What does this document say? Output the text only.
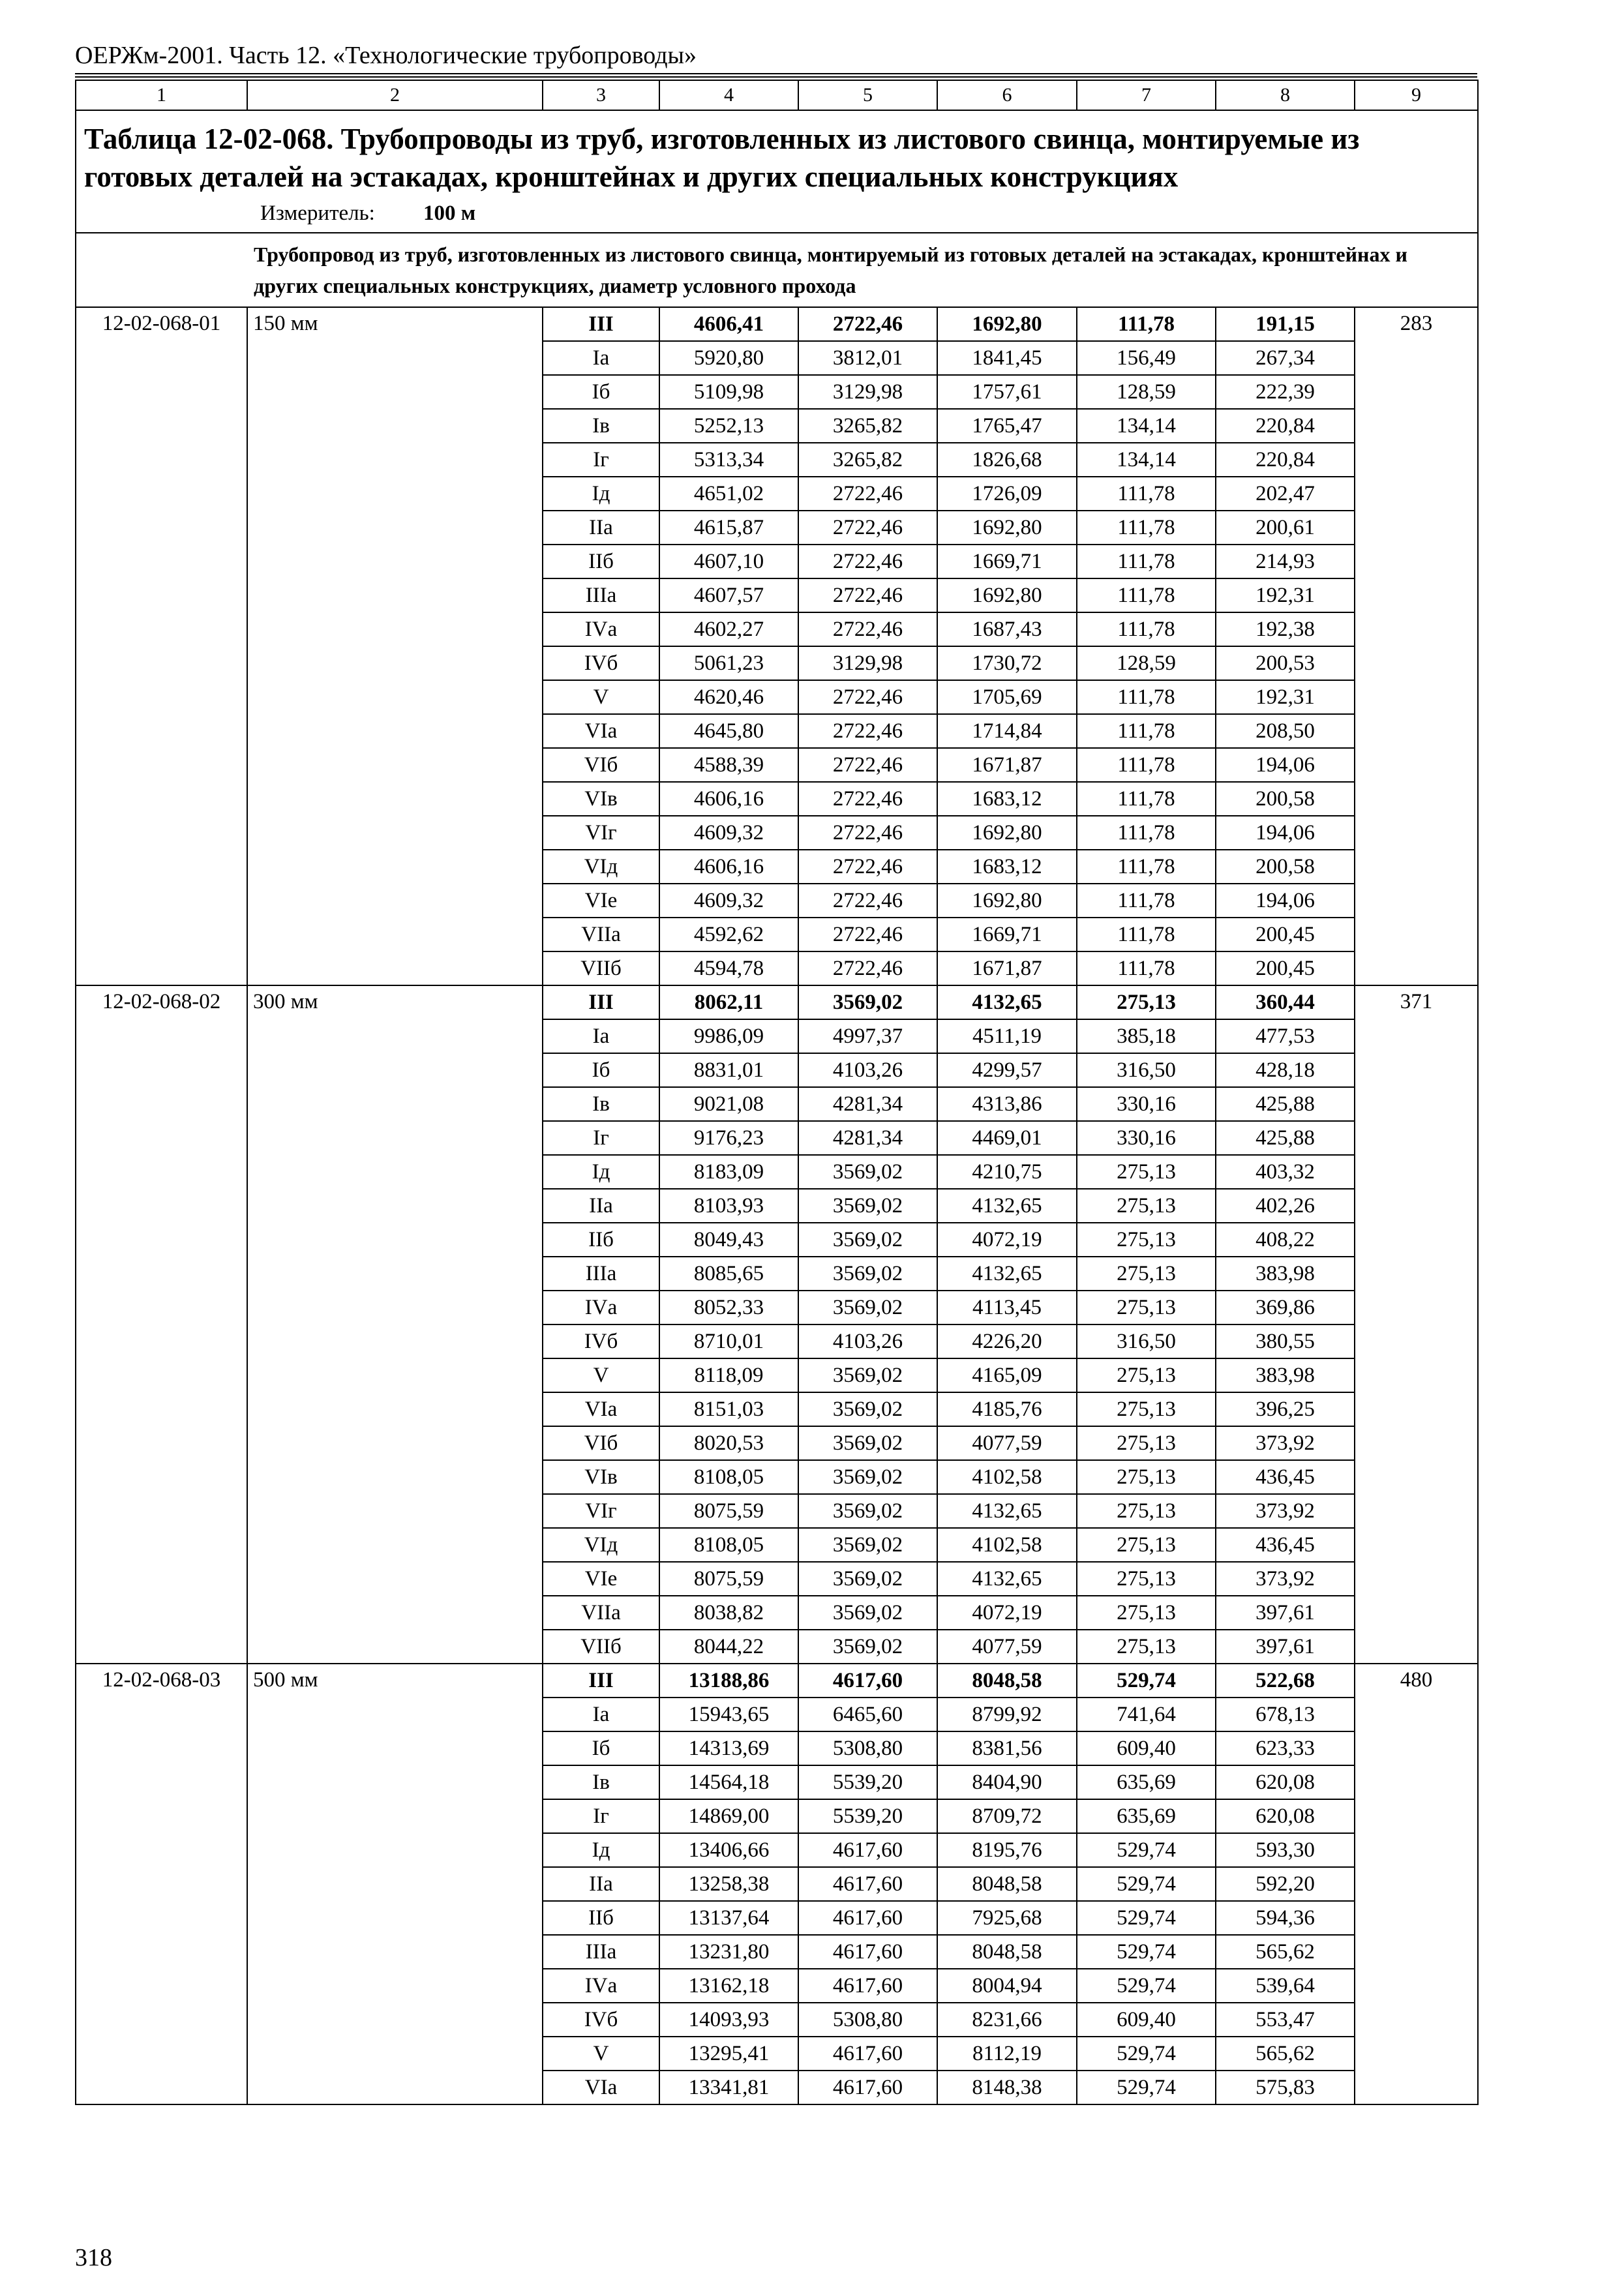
ОЕРЖм-2001. Часть 12. «Технологические трубопроводы»
1	2	3	4	5	6	7	8	9

Таблица 12-02-068. Трубопроводы из труб, изготовленных из листового свинца, монтируемые из готовых деталей на эстакадах, кронштейнах и других специальных конструкциях
Измеритель: 100 м								

	Трубопровод из труб, изготовленных из листового свинца, монтируемый из готовых деталей на эстакадах, кронштейнах и других специальных конструкциях, диаметр условного прохода							
12-02-068-01	150 мм	III	4606,41	2722,46	1692,80	111,78	191,15	283
		Iа	5920,80	3812,01	1841,45	156,49	267,34	
		Iб	5109,98	3129,98	1757,61	128,59	222,39	
		Iв	5252,13	3265,82	1765,47	134,14	220,84	
		Iг	5313,34	3265,82	1826,68	134,14	220,84	
		Iд	4651,02	2722,46	1726,09	111,78	202,47	
		IIа	4615,87	2722,46	1692,80	111,78	200,61	
		IIб	4607,10	2722,46	1669,71	111,78	214,93	
		IIIа	4607,57	2722,46	1692,80	111,78	192,31	
		IVа	4602,27	2722,46	1687,43	111,78	192,38	
		IVб	5061,23	3129,98	1730,72	128,59	200,53	
		V	4620,46	2722,46	1705,69	111,78	192,31	
		VIа	4645,80	2722,46	1714,84	111,78	208,50	
		VIб	4588,39	2722,46	1671,87	111,78	194,06	
		VIв	4606,16	2722,46	1683,12	111,78	200,58	
		VIг	4609,32	2722,46	1692,80	111,78	194,06	
		VIд	4606,16	2722,46	1683,12	111,78	200,58	
		VIе	4609,32	2722,46	1692,80	111,78	194,06	
		VIIа	4592,62	2722,46	1669,71	111,78	200,45	
		VIIб	4594,78	2722,46	1671,87	111,78	200,45	
12-02-068-02	300 мм	III	8062,11	3569,02	4132,65	275,13	360,44	371
		Iа	9986,09	4997,37	4511,19	385,18	477,53	
		Iб	8831,01	4103,26	4299,57	316,50	428,18	
		Iв	9021,08	4281,34	4313,86	330,16	425,88	
		Iг	9176,23	4281,34	4469,01	330,16	425,88	
		Iд	8183,09	3569,02	4210,75	275,13	403,32	
		IIа	8103,93	3569,02	4132,65	275,13	402,26	
		IIб	8049,43	3569,02	4072,19	275,13	408,22	
		IIIа	8085,65	3569,02	4132,65	275,13	383,98	
		IVа	8052,33	3569,02	4113,45	275,13	369,86	
		IVб	8710,01	4103,26	4226,20	316,50	380,55	
		V	8118,09	3569,02	4165,09	275,13	383,98	
		VIа	8151,03	3569,02	4185,76	275,13	396,25	
		VIб	8020,53	3569,02	4077,59	275,13	373,92	
		VIв	8108,05	3569,02	4102,58	275,13	436,45	
		VIг	8075,59	3569,02	4132,65	275,13	373,92	
		VIд	8108,05	3569,02	4102,58	275,13	436,45	
		VIе	8075,59	3569,02	4132,65	275,13	373,92	
		VIIа	8038,82	3569,02	4072,19	275,13	397,61	
		VIIб	8044,22	3569,02	4077,59	275,13	397,61	
12-02-068-03	500 мм	III	13188,86	4617,60	8048,58	529,74	522,68	480
		Iа	15943,65	6465,60	8799,92	741,64	678,13	
		Iб	14313,69	5308,80	8381,56	609,40	623,33	
		Iв	14564,18	5539,20	8404,90	635,69	620,08	
		Iг	14869,00	5539,20	8709,72	635,69	620,08	
		Iд	13406,66	4617,60	8195,76	529,74	593,30	
		IIа	13258,38	4617,60	8048,58	529,74	592,20	
		IIб	13137,64	4617,60	7925,68	529,74	594,36	
		IIIа	13231,80	4617,60	8048,58	529,74	565,62	
		IVа	13162,18	4617,60	8004,94	529,74	539,64	
		IVб	14093,93	5308,80	8231,66	609,40	553,47	
		V	13295,41	4617,60	8112,19	529,74	565,62	
		VIа	13341,81	4617,60	8148,38	529,74	575,83	
318
